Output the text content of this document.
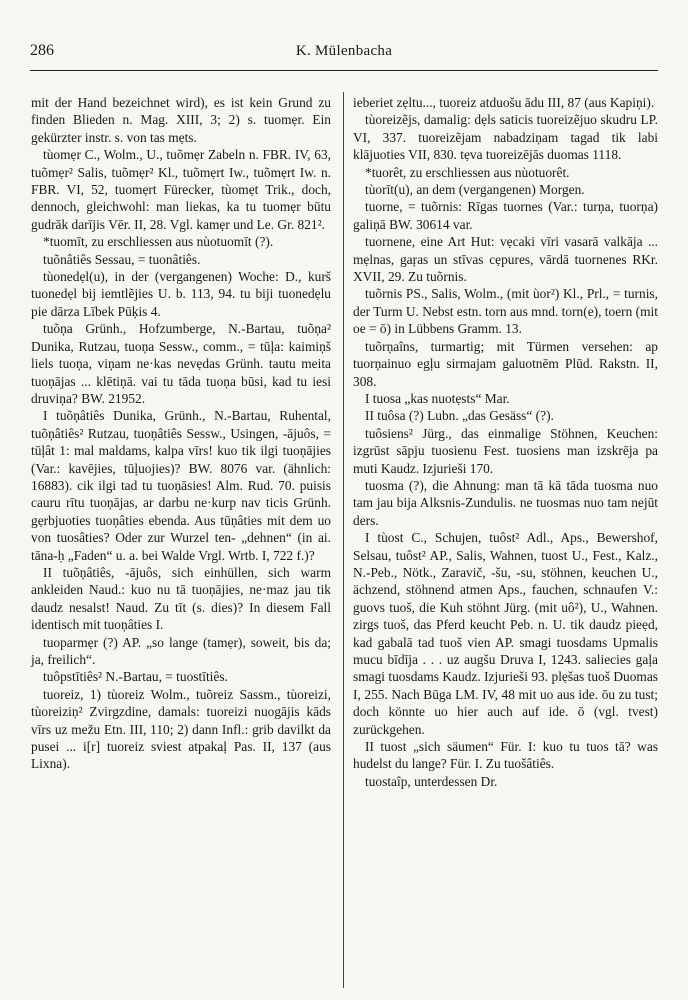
286	K. Mülenbacha

mit der Hand bezeichnet wird), es ist kein Grund zu finden Blieden n. Mag. XIII, 3; 2) s. tuomẹr. Ein gekürzter instr. s. von tas mẹts.

tùomẹr C., Wolm., U., tuõmẹr Zabeln n. FBR. IV, 63, tuõmẹr² Salis, tuõmẹr² Kl., tuõmẹrt Iw., tuõmẹrt Iw. n. FBR. VI, 52, tuomẹrt Fürecker, tùomẹt Trik., doch, dennoch, gleichwohl: man liekas, ka tu tuomẹr būtu gudrāk darījis Vēr. II, 28. Vgl. kamẹr und Le. Gr. 821².

*tuomīt, zu erschliessen aus nùotuomīt (?).

tuõnâtiês Sessau, = tuonâtiês.

tùonedẹl(u), in der (vergangenen) Woche: D., kurš tuonedẹl bij iemtlẽjies U. b. 113, 94. tu biji tuonedẹlu pie dārza Lībek Pūķis 4.

tuõņa Grünh., Hofzumberge, N.-Bartau, tuõņa² Dunika, Rutzau, tuoņa Sessw., comm., = tūļa: kaimiņš liels tuoņa, viņam ne·kas nevẹdas Grünh. tautu meita tuoņājas ... klētiņā. vai tu tāda tuoņa būsi, kad tu iesi druviņa? BW. 21952.

I tuõņâtiês Dunika, Grünh., N.-Bartau, Ruhental, tuõņâtiês² Rutzau, tuoņâtiês Sessw., Usingen, -ājuôs, = tūļât 1: mal maldams, kalpa vīrs! kuo tik ilgi tuoņājies (Var.: kavējies, tūļuojies)? BW. 8076 var. (ähnlich: 16883). cik ilgi tad tu tuoņāsies! Alm. Rud. 70. puisis cauru rītu tuoņājas, ar darbu ne·kurp nav ticis Grünh. gẹrbjuoties tuoņâties ebenda. Aus tūņâties mit dem uo von tuosâties? Oder zur Wurzel ten- „dehnen“ (in ai. tāna-ḥ „Faden“ u. a. bei Walde Vrgl. Wrtb. I, 722 f.)?

II tuõņâtiês, -ājuôs, sich einhüllen, sich warm ankleiden Naud.: kuo nu tā tuoņājies, ne·maz jau tik daudz nesalst! Naud. Zu tīt (s. dies)? In diesem Fall identisch mit tuoņâties I.

tuoparmẹr (?) AP. „so lange (tamẹr), soweit, bis da; ja, freilich“.

tuôpstītiês² N.-Bartau, = tuostītiês.

tuoreiz, 1) tùoreiz Wolm., tuõreiz Sassm., tùoreizi, tùoreiziņ² Zvirgzdine, damals: tuoreizi nuogājis kāds vīrs uz mežu Etn. III, 110; 2) dann Infl.: grib davilkt da pusei ... i[r] tuoreiz sviest atpakaļ Pas. II, 137 (aus Lixna).

ieberiet zẹltu..., tuoreiz atduošu ādu III, 87 (aus Kapiņi).

tùoreizẽjs, damalig: dẹls saticis tuoreizẽjuo skudru LP. VI, 337. tuoreizẽjam nabadziņam tagad tik labi klājuoties VII, 830. tẹva tuoreizējās duomas 1118.

*tuorêt, zu erschliessen aus nùotuorêt.

tùorīt(u), an dem (vergangenen) Morgen.

tuorne, = tuõrnis: Rīgas tuornes (Var.: turņa, tuorņa) galiņā BW. 30614 var.

tuornene, eine Art Hut: vẹcaki vīri vasarā valkāja ... mẹlnas, gaŗas un stīvas cẹpures, vārdā tuornenes RKr. XVII, 29. Zu tuõrnis.

tuõrnis PS., Salis, Wolm., (mit ùor²) Kl., Prl., = turnis, der Turm U. Nebst estn. torn aus mnd. torn(e), toern (mit oe = ō) in Lübbens Gramm. 13.

tuõrņaîns, turmartig; mit Türmen versehen: ap tuorņainuo egļu sirmajam galuotnēm Plūd. Rakstn. II, 308.

I tuosa „kas nuotẹsts“ Mar.

II tuôsa (?) Lubn. „das Gesäss“ (?).

tuôsiens² Jürg., das einmalige Stöhnen, Keuchen: izgrūst sāpju tuosienu Fest. tuosiens man izskrēja pa muti Kaudz. Izjurieši 170.

tuosma (?), die Ahnung: man tā kā tāda tuosma nuo tam jau bija Alksnis-Zundulis. ne tuosmas nuo tam nejūt ders.

I tùost C., Schujen, tuôst² Adl., Aps., Bewershof, Selsau, tuôst² AP., Salis, Wahnen, tuost U., Fest., Kalz., N.-Peb., Nötk., Zaravič, -šu, -su, stöhnen, keuchen U., ächzend, stöhnend atmen Aps., fauchen, schnaufen V.: guovs tuoš, die Kuh stöhnt Jürg. (mit uô²), U., Wahnen. zirgs tuoš, das Pferd keucht Peb. n. U. tik daudz pieẹd, kad gabalā tad tuoš vien AP. smagi tuosdams Upmalis mucu bīdīja . . . uz augšu Druva I, 1243. saliecies gaļa smagi tuosdams Kaudz. Izjurieši 93. plẹšas tuoš Duomas I, 255. Nach Būga LM. IV, 48 mit uo aus ide. ōu zu tust; doch könnte uo hier auch auf ide. ō (vgl. tvest) zurückgehen.

II tuost „sich säumen“ Für. I: kuo tu tuos tā? was hudelst du lange? Für. I. Zu tuošâtiês.

tuostaîp, unterdessen Dr.
